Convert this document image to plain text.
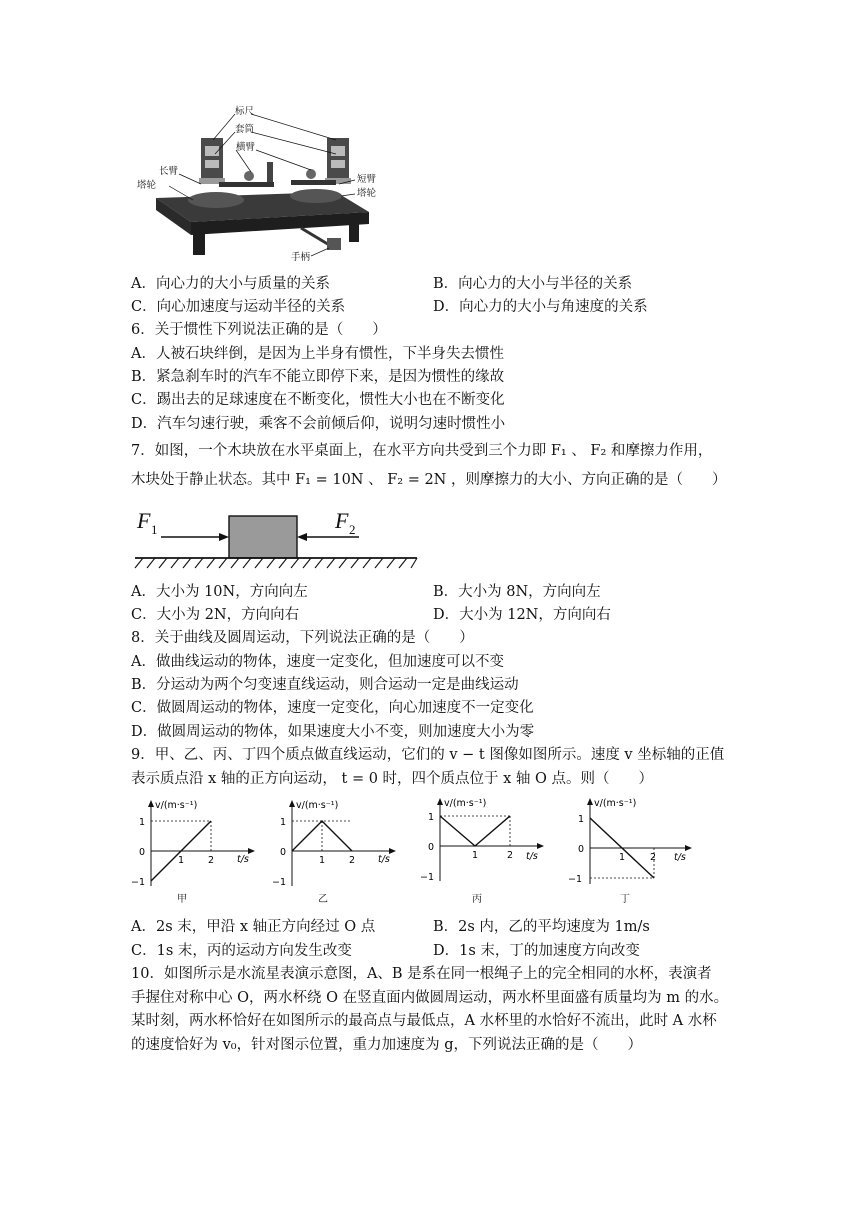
标尺
套筒
横臂
长臂
塔轮
短臂
塔轮
手柄
A．向心力的大小与质量的关系	B．向心力的大小与半径的关系
C．向心加速度与运动半径的关系	D．向心力的大小与角速度的关系
6．关于惯性下列说法正确的是（　　）
A．人被石块绊倒，是因为上半身有惯性，下半身失去惯性
B．紧急刹车时的汽车不能立即停下来，是因为惯性的缘故
C．踢出去的足球速度在不断变化，惯性大小也在不断变化
D．汽车匀速行驶，乘客不会前倾后仰，说明匀速时惯性小
7．如图，一个木块放在水平桌面上，在水平方向共受到三个力即 F₁ 、 F₂ 和摩擦力作用，
木块处于静止状态。其中 F₁ = 10N 、 F₂ = 2N ，则摩擦力的大小、方向正确的是（　　）
F 1	F 2
A．大小为 10N，方向向左	B．大小为 8N，方向向左
C．大小为 2N，方向向右	D．大小为 12N，方向向右
8．关于曲线及圆周运动，下列说法正确的是（　　）
A．做曲线运动的物体，速度一定变化，但加速度可以不变
B．分运动为两个匀变速直线运动，则合运动一定是曲线运动
C．做圆周运动的物体，速度一定变化，向心加速度不一定变化
D．做圆周运动的物体，如果速度大小不变，则加速度大小为零
9．甲、乙、丙、丁四个质点做直线运动，它们的 v − t 图像如图所示。速度 v 坐标轴的正值
表示质点沿 x 轴的正方向运动， t = 0 时，四个质点位于 x 轴 O 点。则（　　）
v/(m·s⁻¹)
t/s
1
0
−1
1	2
甲
v/(m·s⁻¹)
t/s
1
0
−1
1	2
乙
v/(m·s⁻¹)
t/s
1
0
−1
1	2
丙
v/(m·s⁻¹)
t/s
1
0
−1
1	2
丁
A．2s 末，甲沿 x 轴正方向经过 O 点	B．2s 内，乙的平均速度为 1m/s
C．1s 末，丙的运动方向发生改变	D．1s 末，丁的加速度方向改变
10．如图所示是水流星表演示意图，A、B 是系在同一根绳子上的完全相同的水杯，表演者
手握住对称中心 O，两水杯绕 O 在竖直面内做圆周运动，两水杯里面盛有质量均为 m 的水。
某时刻，两水杯恰好在如图所示的最高点与最低点，A 水杯里的水恰好不流出，此时 A 水杯
的速度恰好为 v₀，针对图示位置，重力加速度为 g，下列说法正确的是（　　）
